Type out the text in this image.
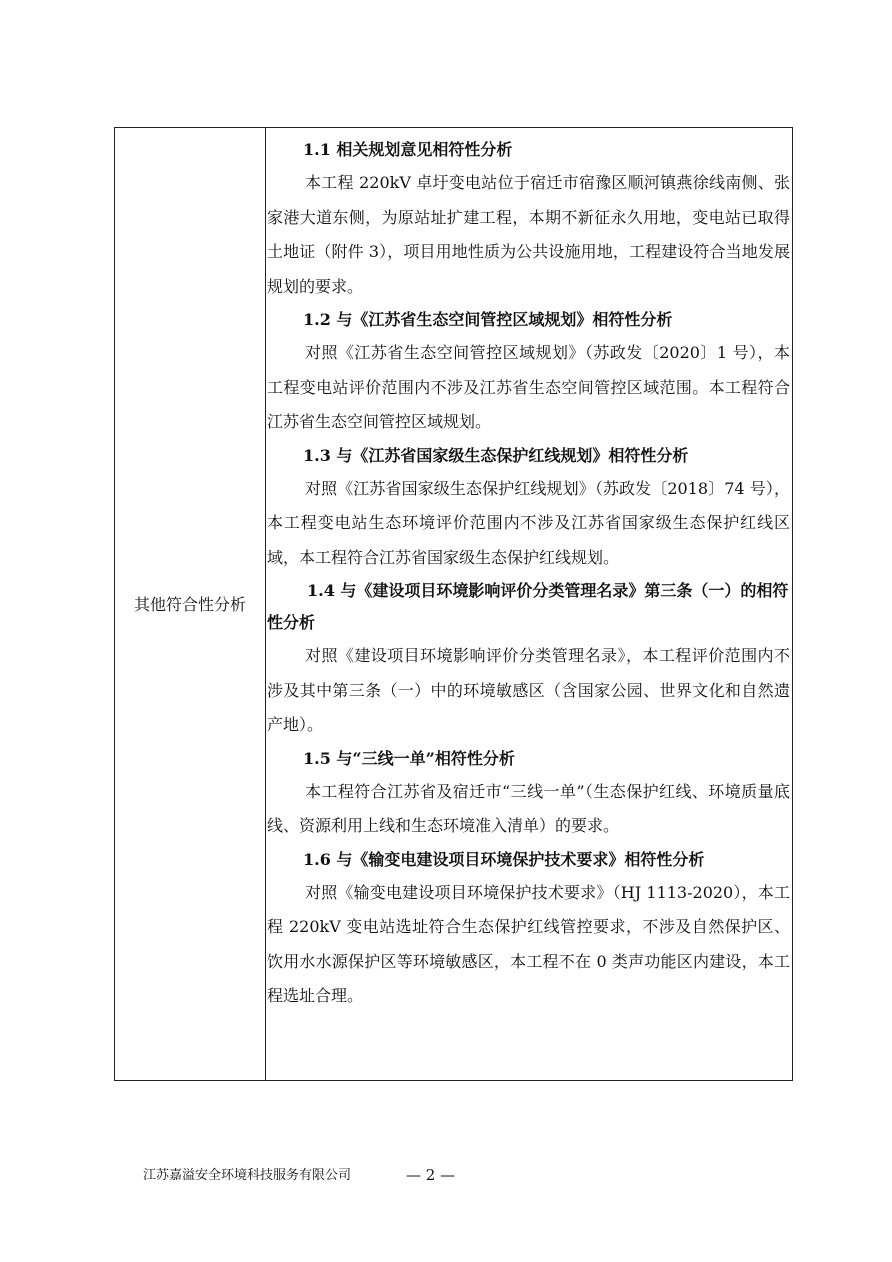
其他符合性分析

1.1 相关规划意见相符性分析

本工程 220kV 卓圩变电站位于宿迁市宿豫区顺河镇燕徐线南侧、张家港大道东侧，为原站址扩建工程，本期不新征永久用地，变电站已取得土地证（附件 3），项目用地性质为公共设施用地，工程建设符合当地发展规划的要求。

1.2 与《江苏省生态空间管控区域规划》相符性分析

对照《江苏省生态空间管控区域规划》（苏政发〔2020〕1 号），本工程变电站评价范围内不涉及江苏省生态空间管控区域范围。本工程符合江苏省生态空间管控区域规划。

1.3 与《江苏省国家级生态保护红线规划》相符性分析

对照《江苏省国家级生态保护红线规划》（苏政发〔2018〕74 号），本工程变电站生态环境评价范围内不涉及江苏省国家级生态保护红线区域，本工程符合江苏省国家级生态保护红线规划。

1.4 与《建设项目环境影响评价分类管理名录》第三条（一）的相符性分析

对照《建设项目环境影响评价分类管理名录》，本工程评价范围内不涉及其中第三条（一）中的环境敏感区（含国家公园、世界文化和自然遗产地）。

1.5 与“三线一单”相符性分析

本工程符合江苏省及宿迁市“三线一单”（生态保护红线、环境质量底线、资源利用上线和生态环境准入清单）的要求。

1.6 与《输变电建设项目环境保护技术要求》相符性分析

对照《输变电建设项目环境保护技术要求》（HJ 1113-2020），本工程 220kV 变电站选址符合生态保护红线管控要求，不涉及自然保护区、饮用水水源保护区等环境敏感区，本工程不在 0 类声功能区内建设，本工程选址合理。

江苏嘉溢安全环境科技服务有限公司	— 2 —
